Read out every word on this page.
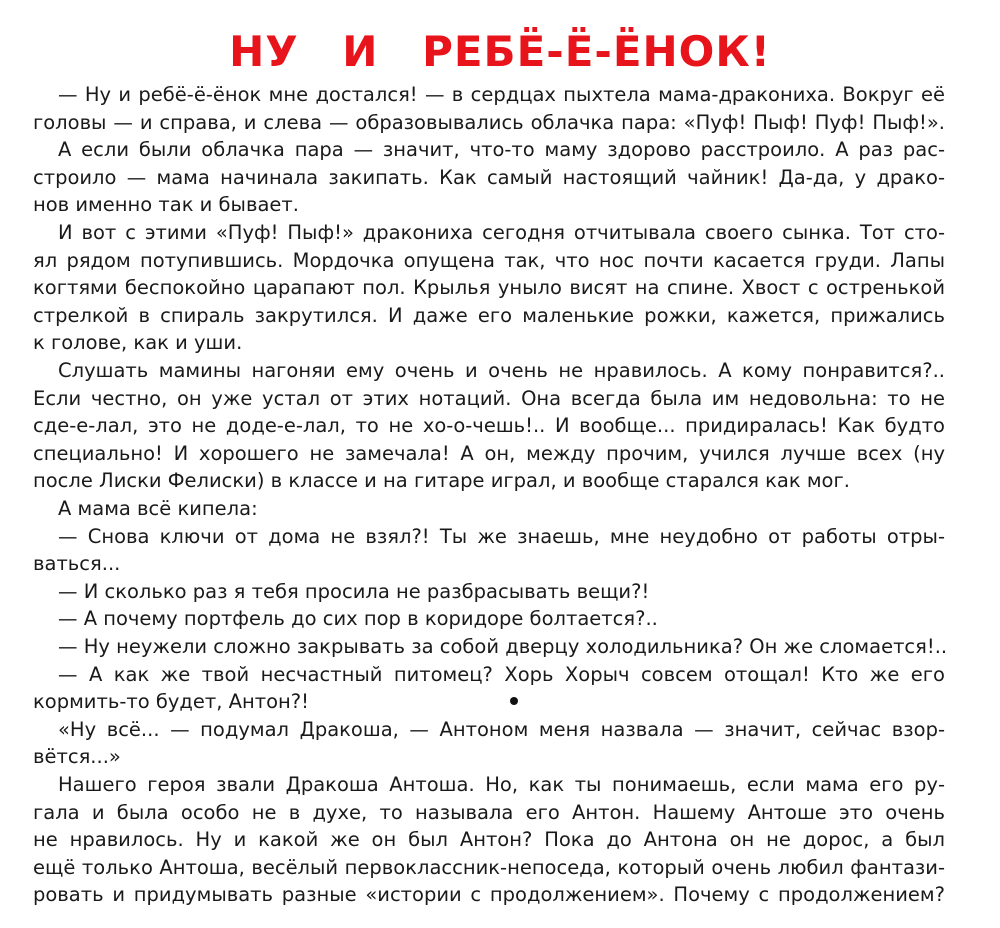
НУ И РЕБЁ-Ё-ЁНОК!
— Ну и ребё-ё-ёнок мне достался! — в сердцах пыхтела мама-дракониха. Вокруг её
головы — и справа, и слева — образовывались облачка пара: «Пуф! Пыф! Пуф! Пыф!».
А если были облачка пара — значит, что-то маму здорово расстроило. А раз рас-
строило — мама начинала закипать. Как самый настоящий чайник! Да-да, у драко-
нов именно так и бывает.
И вот с этими «Пуф! Пыф!» дракониха сегодня отчитывала своего сынка. Тот сто-
ял рядом потупившись. Мордочка опущена так, что нос почти касается груди. Лапы
когтями беспокойно царапают пол. Крылья уныло висят на спине. Хвост с остренькой
стрелкой в спираль закрутился. И даже его маленькие рожки, кажется, прижались
к голове, как и уши.
Слушать мамины нагоняи ему очень и очень не нравилось. А кому понравится?..
Если честно, он уже устал от этих нотаций. Она всегда была им недовольна: то не
сде-е-лал, это не доде-е-лал, то не хо-о-чешь!.. И вообще... придиралась! Как будто
специально! И хорошего не замечала! А он, между прочим, учился лучше всех (ну
после Лиски Фелиски) в классе и на гитаре играл, и вообще старался как мог.
А мама всё кипела:
— Снова ключи от дома не взял?! Ты же знаешь, мне неудобно от работы отры-
ваться...
— И сколько раз я тебя просила не разбрасывать вещи?!
— А почему портфель до сих пор в коридоре болтается?..
— Ну неужели сложно закрывать за собой дверцу холодильника? Он же сломается!..
— А как же твой несчастный питомец? Хорь Хорыч совсем отощал! Кто же его
кормить-то будет, Антон?!
«Ну всё... — подумал Дракоша, — Антоном меня назвала — значит, сейчас взор-
вётся...»
Нашего героя звали Дракоша Антоша. Но, как ты понимаешь, если мама его ру-
гала и была особо не в духе, то называла его Антон. Нашему Антоше это очень
не нравилось. Ну и какой же он был Антон? Пока до Антона он не дорос, а был
ещё только Антоша, весёлый первоклассник-непоседа, который очень любил фантази-
ровать и придумывать разные «истории с продолжением». Почему с продолжением?
